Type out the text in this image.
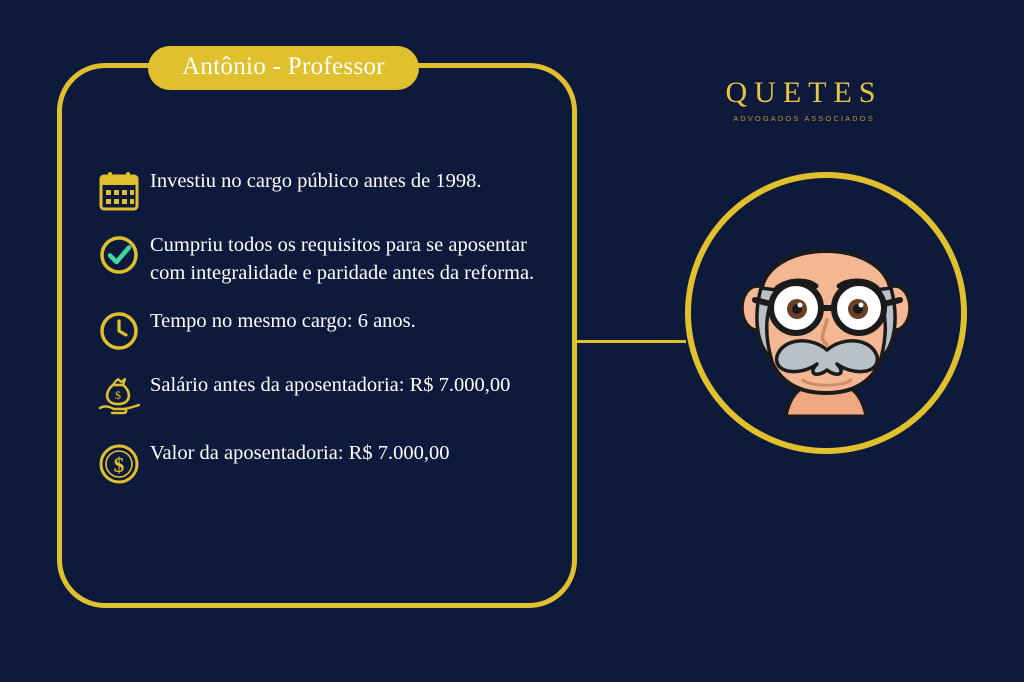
QUETES
ADVOGADOS ASSOCIADOS
Antônio - Professor
Investiu no cargo público antes de 1998.
Cumpriu todos os requisitos para se aposentar com integralidade e paridade antes da reforma.
Tempo no mesmo cargo: 6 anos.
$ Salário antes da aposentadoria: R$ 7.000,00
$ Valor da aposentadoria: R$ 7.000,00
